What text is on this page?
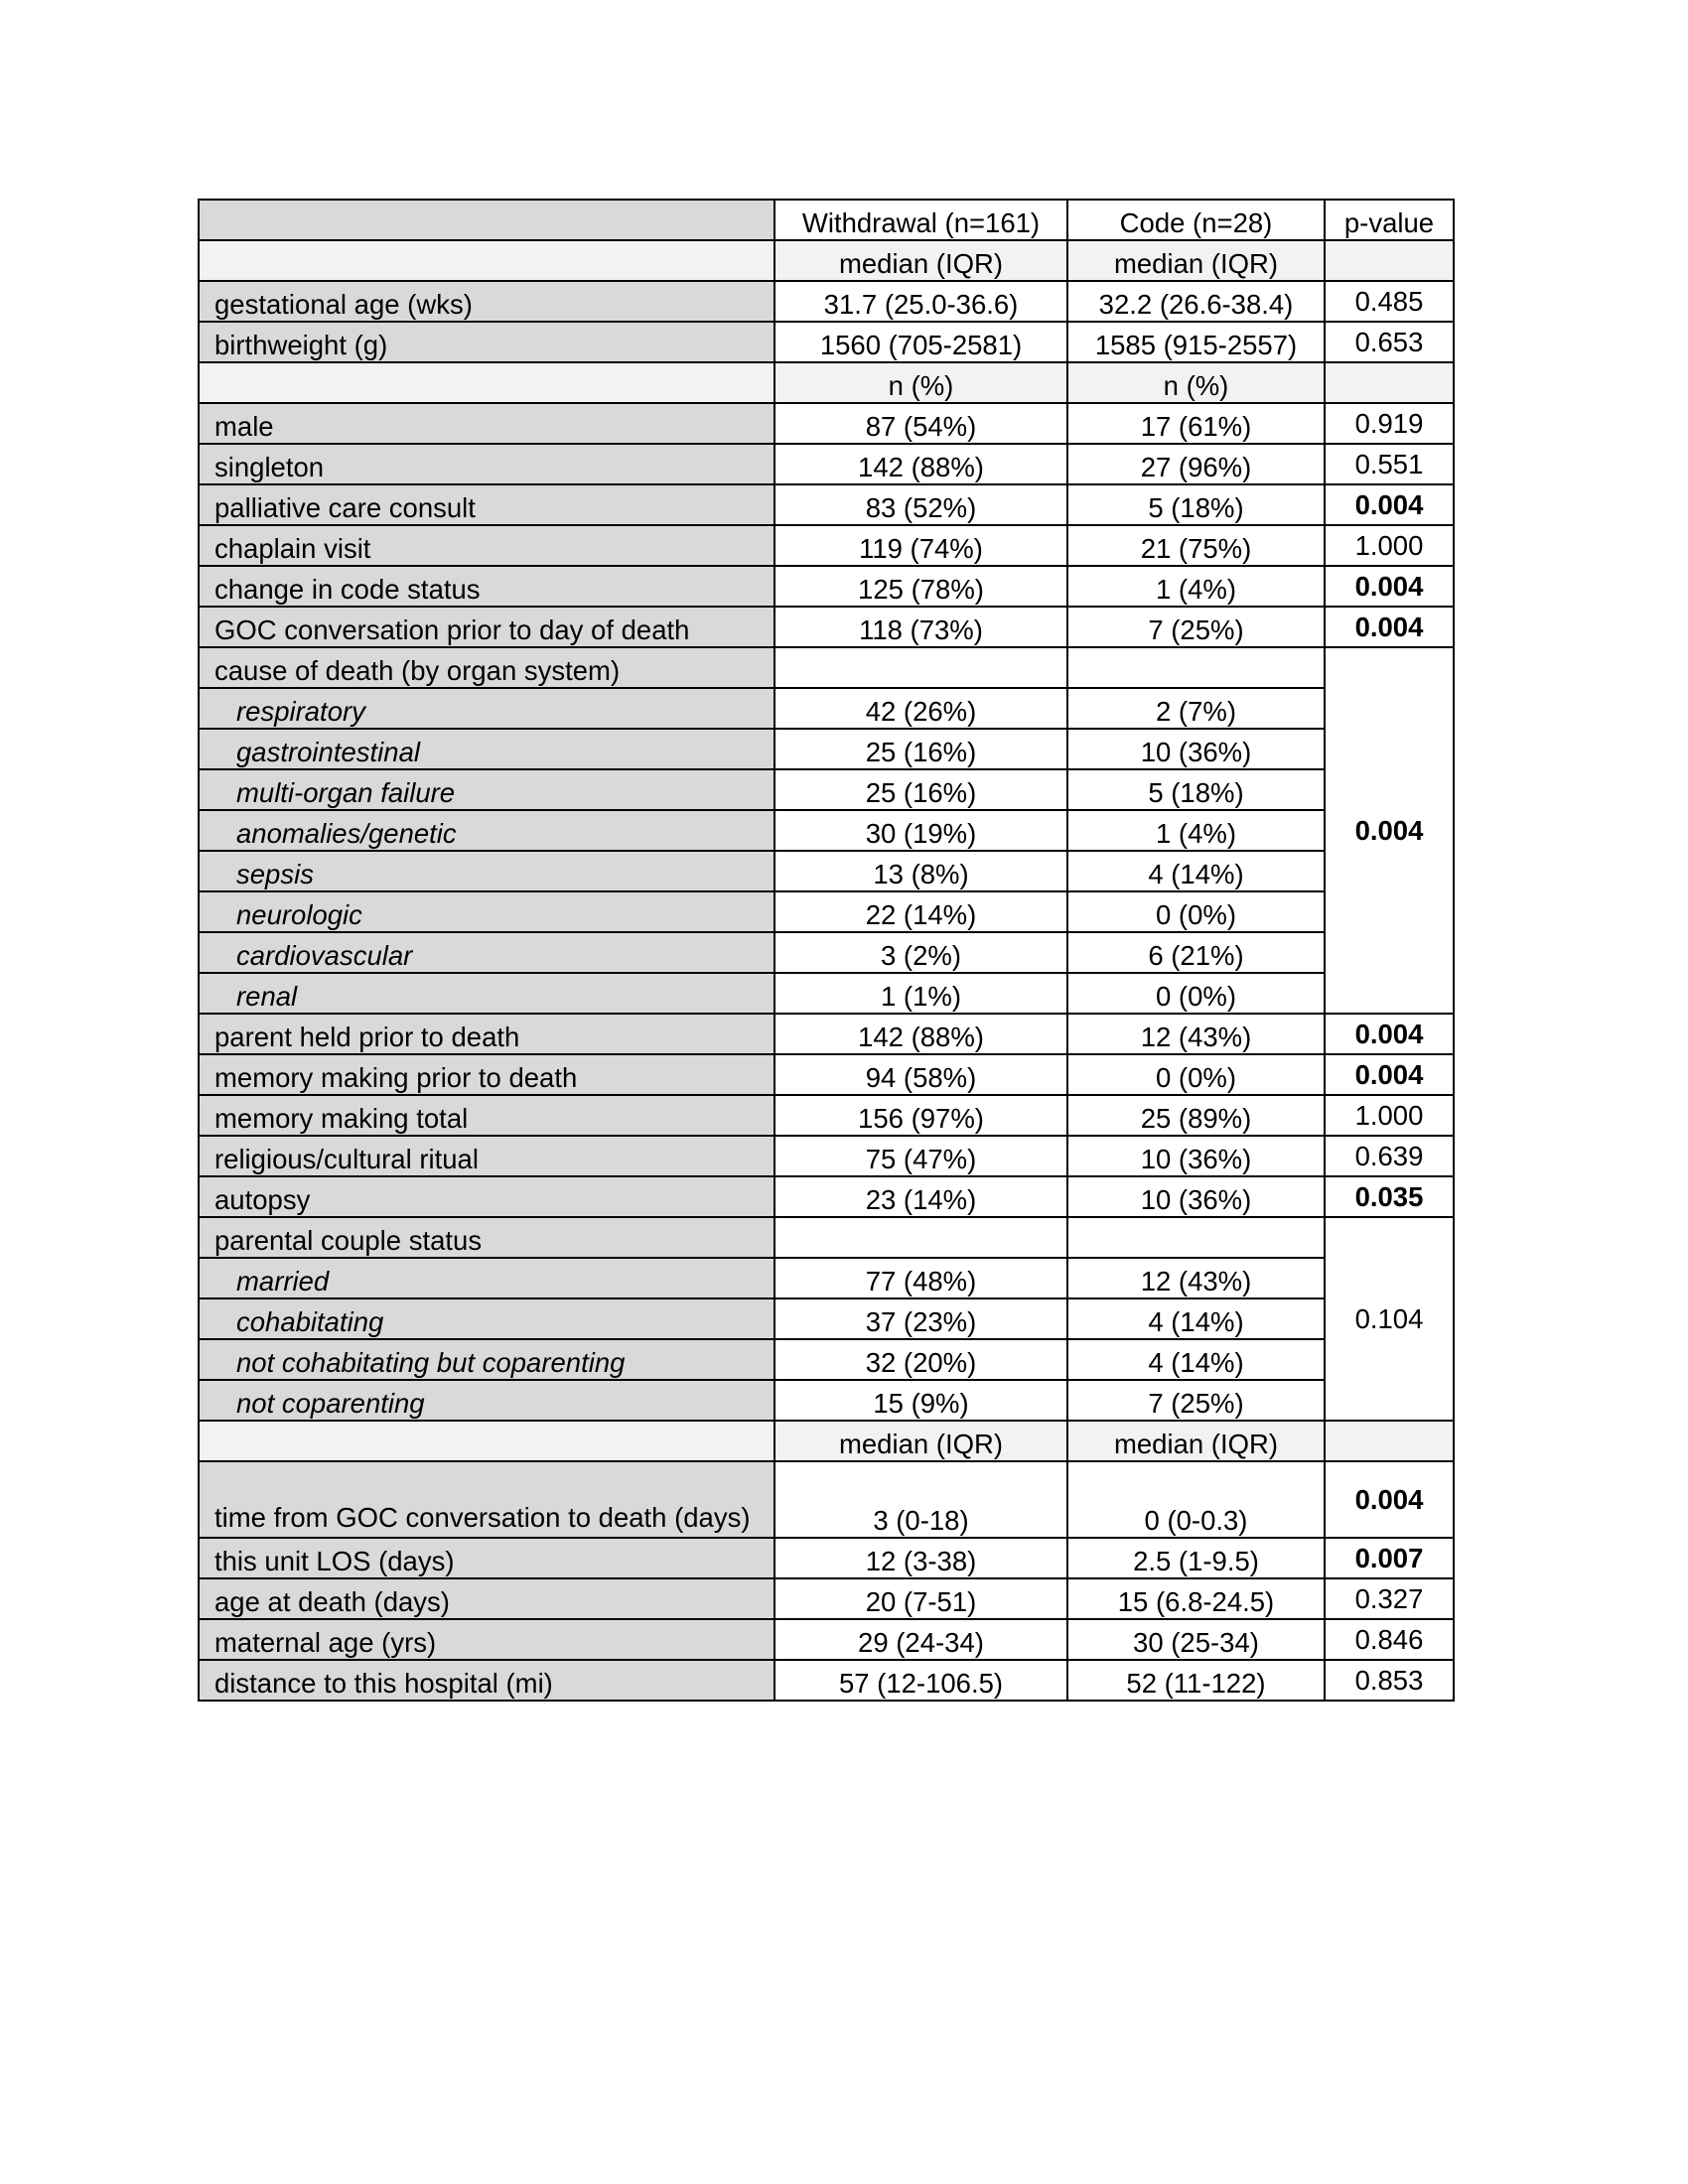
	Withdrawal (n=161)	Code (n=28)	p-value
	median (IQR)	median (IQR)	
gestational age (wks)	31.7 (25.0-36.6)	32.2 (26.6-38.4)	0.485
birthweight (g)	1560 (705-2581)	1585 (915-2557)	0.653
	n (%)	n (%)	
male	87 (54%)	17 (61%)	0.919
singleton	142 (88%)	27 (96%)	0.551
palliative care consult	83 (52%)	5 (18%)	0.004
chaplain visit	119 (74%)	21 (75%)	1.000
change in code status	125 (78%)	1 (4%)	0.004
GOC conversation prior to day of death	118 (73%)	7 (25%)	0.004
cause of death (by organ system)			0.004
respiratory	42 (26%)	2 (7%)	
gastrointestinal	25 (16%)	10 (36%)	
multi-organ failure	25 (16%)	5 (18%)	
anomalies/genetic	30 (19%)	1 (4%)	
sepsis	13 (8%)	4 (14%)	
neurologic	22 (14%)	0 (0%)	
cardiovascular	3 (2%)	6 (21%)	
renal	1 (1%)	0 (0%)	
parent held prior to death	142 (88%)	12 (43%)	0.004
memory making prior to death	94 (58%)	0 (0%)	0.004
memory making total	156 (97%)	25 (89%)	1.000
religious/cultural ritual	75 (47%)	10 (36%)	0.639
autopsy	23 (14%)	10 (36%)	0.035
parental couple status			0.104
married	77 (48%)	12 (43%)	
cohabitating	37 (23%)	4 (14%)	
not cohabitating but coparenting	32 (20%)	4 (14%)	
not coparenting	15 (9%)	7 (25%)	
	median (IQR)	median (IQR)	
time from GOC conversation to death (days)	3 (0-18)	0 (0-0.3)	0.004
this unit LOS (days)	12 (3-38)	2.5 (1-9.5)	0.007
age at death (days)	20 (7-51)	15 (6.8-24.5)	0.327
maternal age (yrs)	29 (24-34)	30 (25-34)	0.846
distance to this hospital (mi)	57 (12-106.5)	52 (11-122)	0.853
